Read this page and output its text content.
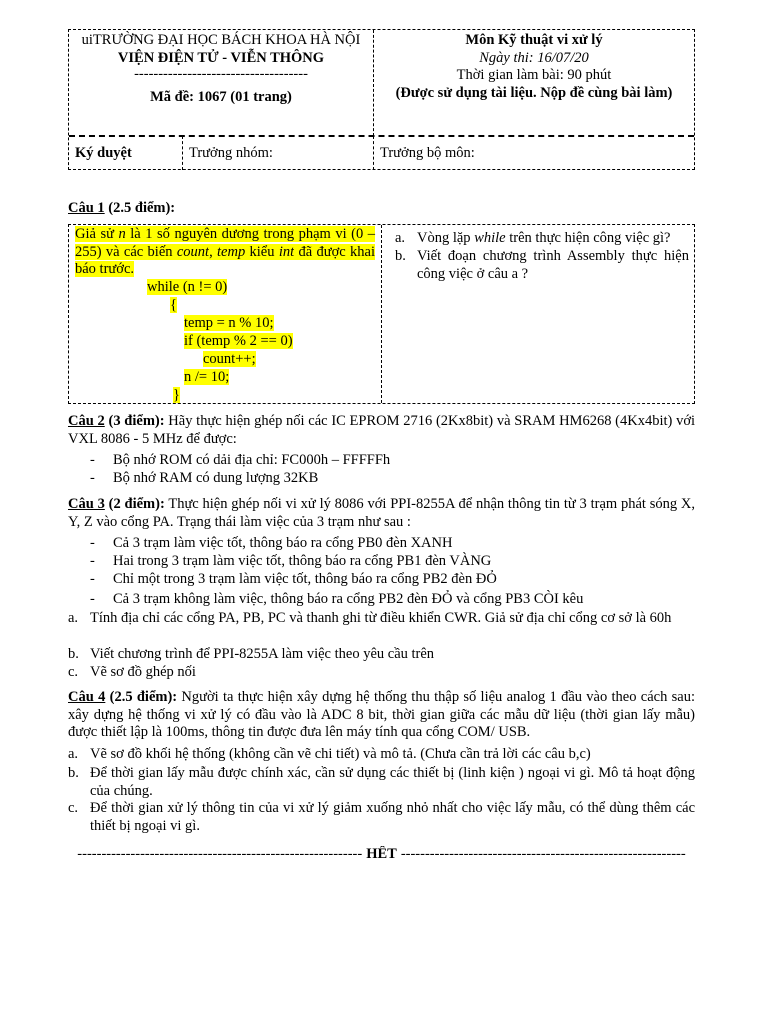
uiTRƯỜNG ĐẠI HỌC BÁCH KHOA HÀ NỘI
VIỆN ĐIỆN TỬ - VIỄN THÔNG
------------------------------------
Mã đề: 1067 (01 trang)
Môn Kỹ thuật vi xử lý
Ngày thi: 16/07/20
Thời gian làm bài: 90 phút
(Được sử dụng tài liệu. Nộp đề cùng bài làm)
Ký duyệt	Trưởng nhóm:	Trưởng bộ môn:
Câu 1 (2.5 điểm):
Giả sử n là 1 số nguyên dương trong phạm vi (0 – 255) và các biến count, temp kiểu int đã được khai báo trước.
while (n != 0)
{
temp = n % 10;
if (temp % 2 == 0)
count++;
n /= 10;
}
a. Vòng lặp while trên thực hiện công việc gì?
b. Viết đoạn chương trình Assembly thực hiện công việc ở câu a ?
Câu 2 (3 điểm): Hãy thực hiện ghép nối các IC EPROM 2716 (2Kx8bit) và SRAM HM6268 (4Kx4bit) với VXL 8086 - 5 MHz để được:
- Bộ nhớ ROM có dải địa chỉ: FC000h – FFFFFh
- Bộ nhớ RAM có dung lượng 32KB
Câu 3 (2 điểm): Thực hiện ghép nối vi xử lý 8086 với PPI-8255A để nhận thông tin từ 3 trạm phát sóng X, Y, Z vào cổng PA. Trạng thái làm việc của 3 trạm như sau :
- Cả 3 trạm làm việc tốt, thông báo ra cổng PB0 đèn XANH
- Hai trong 3 trạm làm việc tốt, thông báo ra cổng PB1 đèn VÀNG
- Chỉ một trong 3 trạm làm việc tốt, thông báo ra cổng PB2 đèn ĐỎ
- Cả 3 trạm không làm việc, thông báo ra cổng PB2 đèn ĐỎ và cổng PB3 CÒI kêu
a. Tính địa chỉ các cổng PA, PB, PC và thanh ghi từ điều khiển CWR. Giả sử địa chỉ cổng cơ sở là 60h
b. Viết chương trình để PPI-8255A làm việc theo yêu cầu trên
c. Vẽ sơ đồ ghép nối
Câu 4 (2.5 điểm): Người ta thực hiện xây dựng hệ thống thu thập số liệu analog 1 đầu vào theo cách sau: xây dựng hệ thống vi xử lý có đầu vào là ADC 8 bit, thời gian giữa các mẫu dữ liệu (thời gian lấy mẫu) được thiết lập là 100ms, thông tin được đưa lên máy tính qua cổng COM/ USB.
a. Vẽ sơ đồ khối hệ thống (không cần vẽ chi tiết) và mô tả. (Chưa cần trả lời các câu b,c)
b. Để thời gian lấy mẫu được chính xác, cần sử dụng các thiết bị (linh kiện ) ngoại vi gì. Mô tả hoạt động của chúng.
c. Để thời gian xử lý thông tin của vi xử lý giảm xuống nhỏ nhất cho việc lấy mẫu, có thể dùng thêm các thiết bị ngoại vi gì.
----------------------------------------------------------- HẾT -----------------------------------------------------------
